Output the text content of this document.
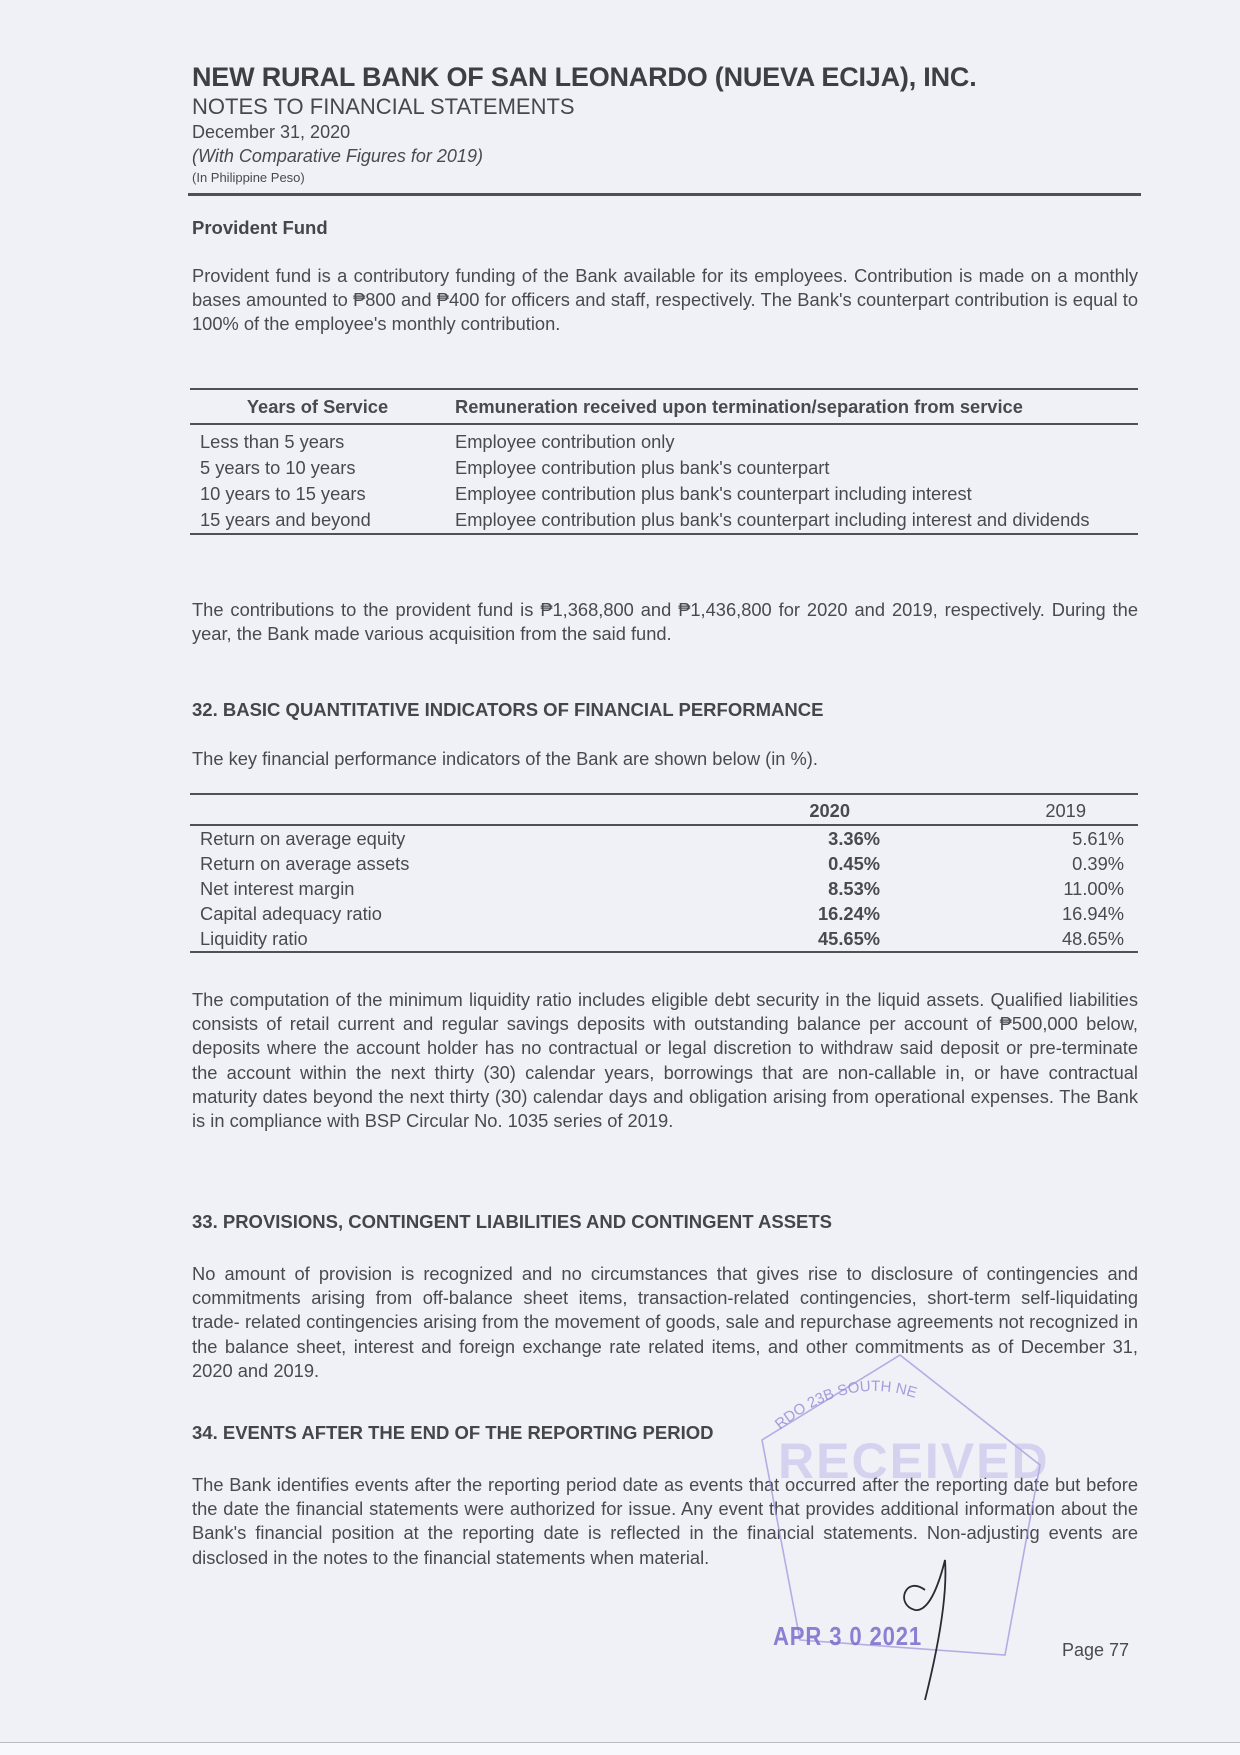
NEW RURAL BANK OF SAN LEONARDO (NUEVA ECIJA), INC.
NOTES TO FINANCIAL STATEMENTS
December 31, 2020
(With Comparative Figures for 2019)
(In Philippine Peso)
Provident Fund
Provident fund is a contributory funding of the Bank available for its employees. Contribution is made on a monthly bases amounted to ₱800 and ₱400 for officers and staff, respectively. The Bank's counterpart contribution is equal to 100% of the employee's monthly contribution.
Years of Service	Remuneration received upon termination/separation from service
Less than 5 years	Employee contribution only
5 years to 10 years	Employee contribution plus bank's counterpart
10 years to 15 years	Employee contribution plus bank's counterpart including interest
15 years and beyond	Employee contribution plus bank's counterpart including interest and dividends
The contributions to the provident fund is ₱1,368,800 and ₱1,436,800 for 2020 and 2019, respectively. During the year, the Bank made various acquisition from the said fund.
32. BASIC QUANTITATIVE INDICATORS OF FINANCIAL PERFORMANCE
The key financial performance indicators of the Bank are shown below (in %).
	2020	2019
Return on average equity	3.36%	5.61%
Return on average assets	0.45%	0.39%
Net interest margin	8.53%	11.00%
Capital adequacy ratio	16.24%	16.94%
Liquidity ratio	45.65%	48.65%
The computation of the minimum liquidity ratio includes eligible debt security in the liquid assets. Qualified liabilities consists of retail current and regular savings deposits with outstanding balance per account of ₱500,000 below, deposits where the account holder has no contractual or legal discretion to withdraw said deposit or pre-terminate the account within the next thirty (30) calendar years, borrowings that are non-callable in, or have contractual maturity dates beyond the next thirty (30) calendar days and obligation arising from operational expenses. The Bank is in compliance with BSP Circular No. 1035 series of 2019.
33. PROVISIONS, CONTINGENT LIABILITIES AND CONTINGENT ASSETS
No amount of provision is recognized and no circumstances that gives rise to disclosure of contingencies and commitments arising from off-balance sheet items, transaction-related contingencies, short-term self-liquidating trade- related contingencies arising from the movement of goods, sale and repurchase agreements not recognized in the balance sheet, interest and foreign exchange rate related items, and other commitments as of December 31, 2020 and 2019.
34. EVENTS AFTER THE END OF THE REPORTING PERIOD
The Bank identifies events after the reporting period date as events that occurred after the reporting date but before the date the financial statements were authorized for issue. Any event that provides additional information about the Bank's financial position at the reporting date is reflected in the financial statements. Non-adjusting events are disclosed in the notes to the financial statements when material.
Page 77
RDO 23B SOUTH NE
RECEIVED
APR 3 0 2021
